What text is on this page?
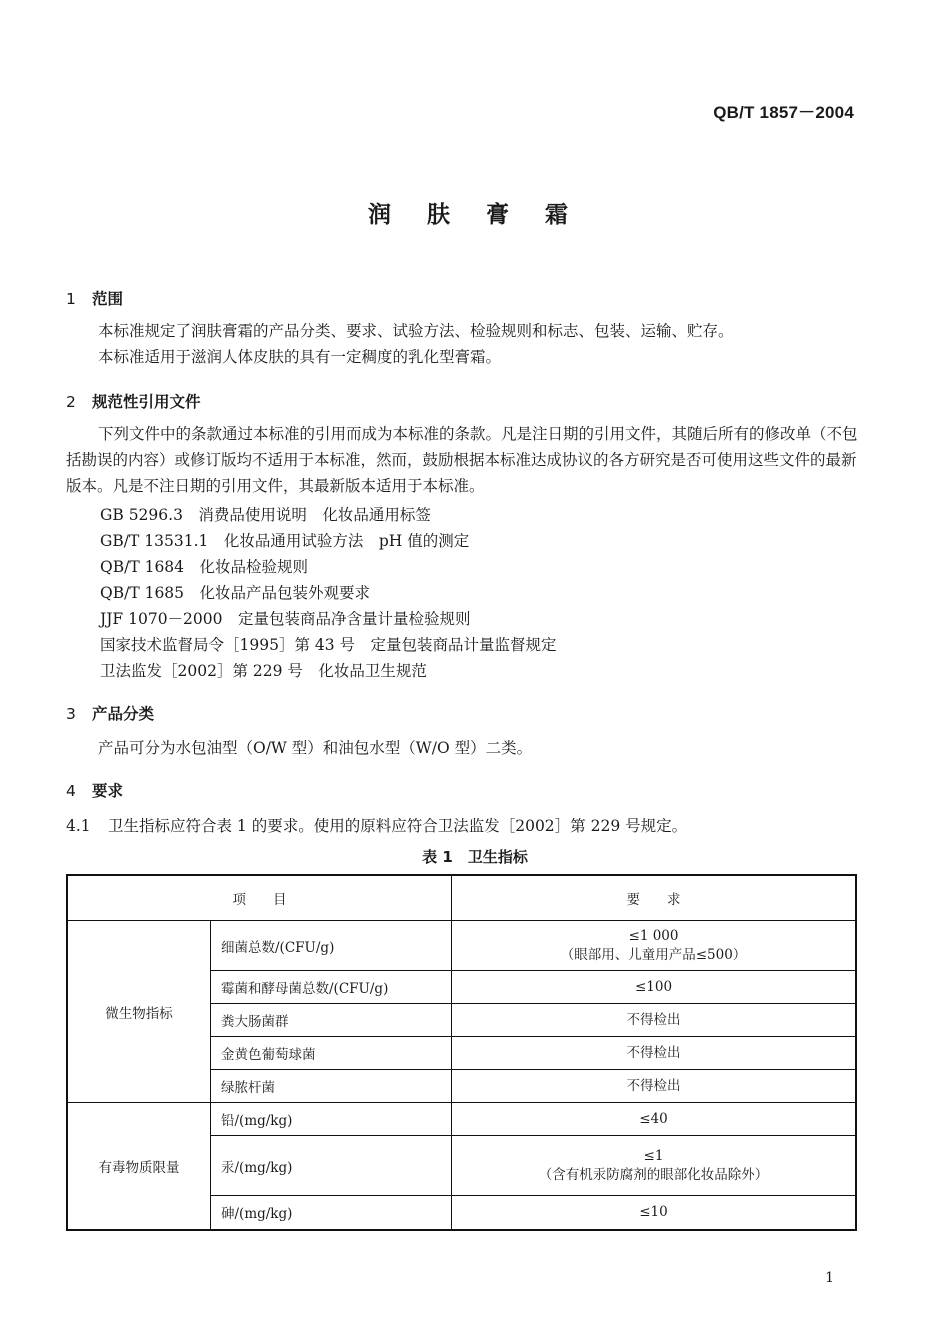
QB/T 1857－2004
润 肤 膏 霜
1 范围
本标准规定了润肤膏霜的产品分类、要求、试验方法、检验规则和标志、包装、运输、贮存。
本标准适用于滋润人体皮肤的具有一定稠度的乳化型膏霜。
2 规范性引用文件
下列文件中的条款通过本标准的引用而成为本标准的条款。凡是注日期的引用文件，其随后所有的修改单（不包括勘误的内容）或修订版均不适用于本标准，然而，鼓励根据本标准达成协议的各方研究是否可使用这些文件的最新版本。凡是不注日期的引用文件，其最新版本适用于本标准。
GB 5296.3　消费品使用说明　化妆品通用标签
GB/T 13531.1　化妆品通用试验方法　pH 值的测定
QB/T 1684　化妆品检验规则
QB/T 1685　化妆品产品包装外观要求
JJF 1070－2000　定量包装商品净含量计量检验规则
国家技术监督局令［1995］第 43 号　定量包装商品计量监督规定
卫法监发［2002］第 229 号　化妆品卫生规范
3 产品分类
产品可分为水包油型（O/W 型）和油包水型（W/O 型）二类。
4 要求
4.1 卫生指标应符合表 1 的要求。使用的原料应符合卫法监发［2002］第 229 号规定。
表 1　卫生指标
项　　目		要　　求
微生物指标	细菌总数/(CFU/g)	≤1 000
（眼部用、儿童用产品≤500）

	霉菌和酵母菌总数/(CFU/g)	≤100
	粪大肠菌群	不得检出
	金黄色葡萄球菌	不得检出
	绿脓杆菌	不得检出
有毒物质限量	铅/(mg/kg)	≤40
	汞/(mg/kg)	≤1
（含有机汞防腐剂的眼部化妆品除外）

	砷/(mg/kg)	≤10
1
